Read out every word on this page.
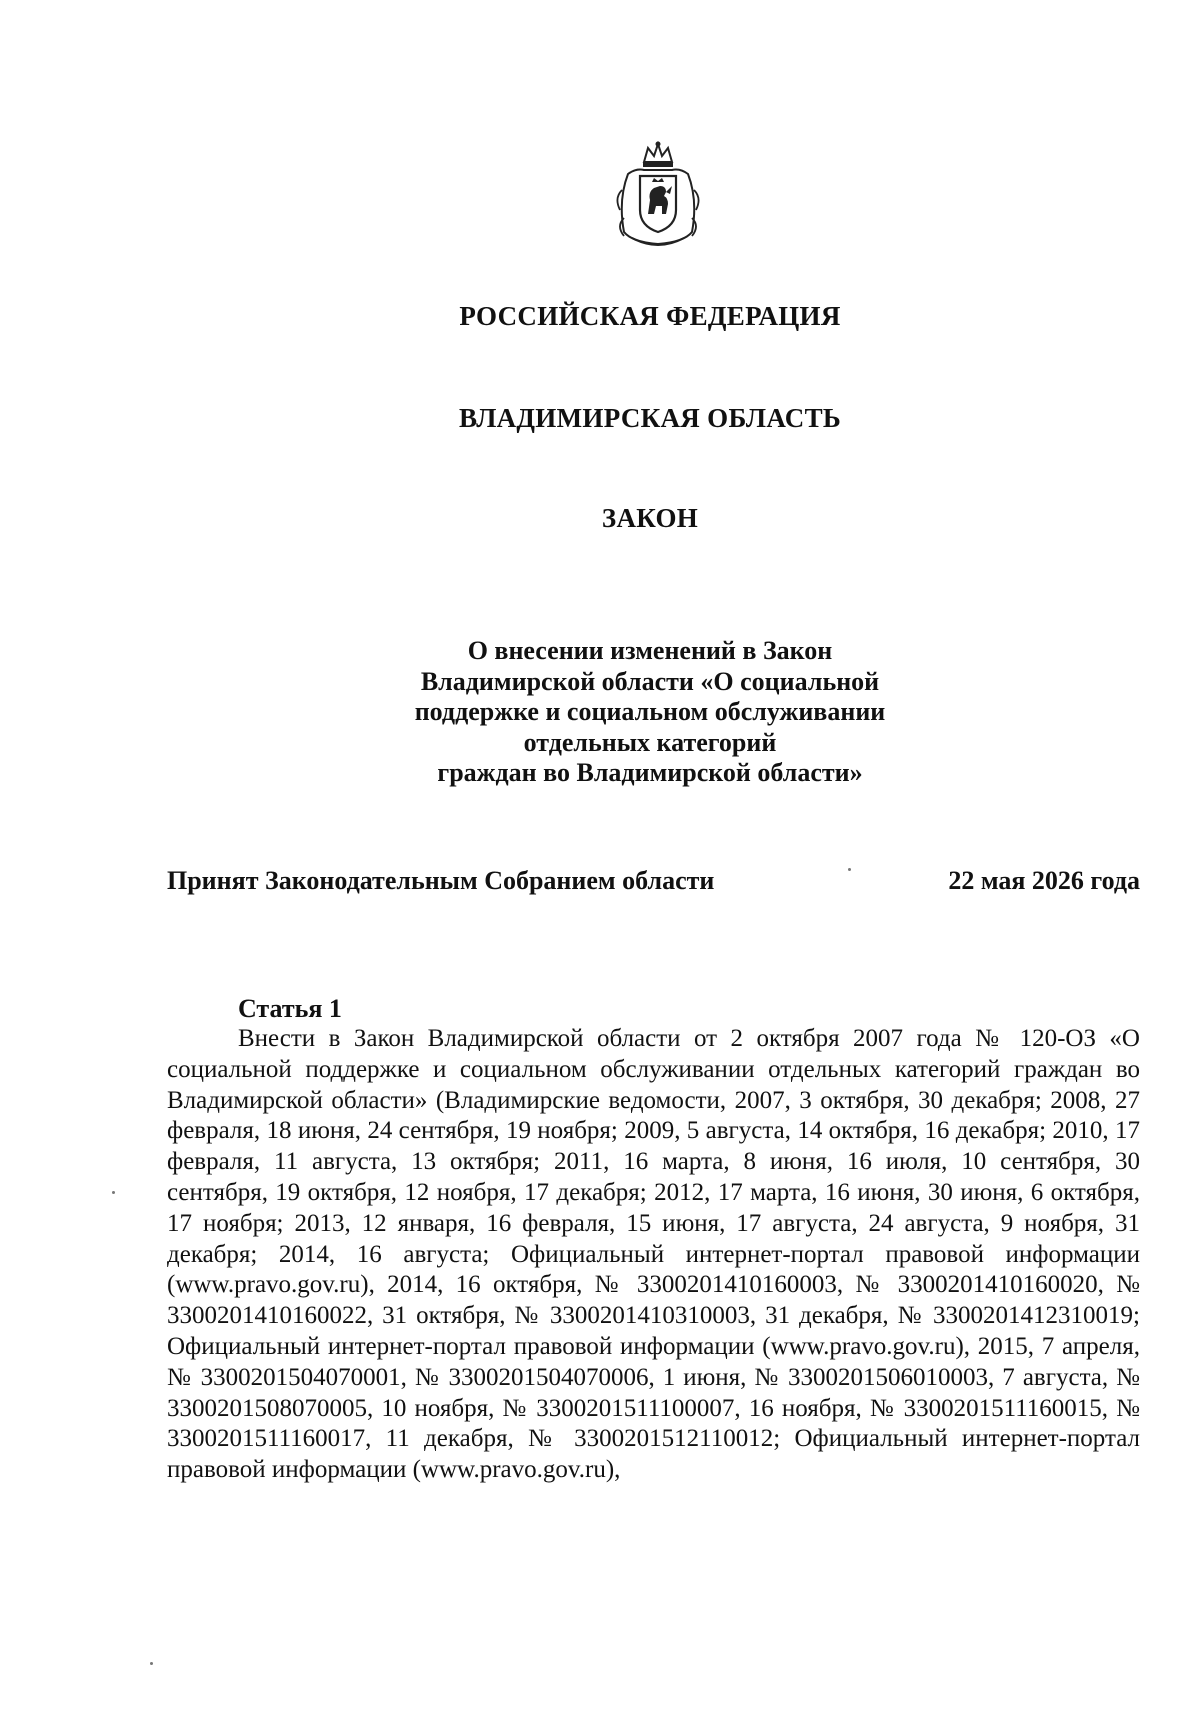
РОССИЙСКАЯ ФЕДЕРАЦИЯ
ВЛАДИМИРСКАЯ ОБЛАСТЬ
ЗАКОН
О внесении изменений в Закон
Владимирской области «О социальной
поддержке и социальном обслуживании
отдельных категорий
граждан во Владимирской области»
Принят Законодательным Собранием области	22 мая 2026 года
Статья 1

Внести в Закон Владимирской области от 2 октября 2007 года № 120-ОЗ «О социальной поддержке и социальном обслуживании отдельных категорий граждан во Владимирской области» (Владимирские ведомости, 2007, 3 октября, 30 декабря; 2008, 27 февраля, 18 июня, 24 сентября, 19 ноября; 2009, 5 августа, 14 октября, 16 декабря; 2010, 17 февраля, 11 августа, 13 октября; 2011, 16 марта, 8 июня, 16 июля, 10 сентября, 30 сентября, 19 октября, 12 ноября, 17 декабря; 2012, 17 марта, 16 июня, 30 июня, 6 октября, 17 ноября; 2013, 12 января, 16 февраля, 15 июня, 17 августа, 24 августа, 9 ноября, 31 декабря; 2014, 16 августа; Официальный интернет-портал правовой информации (www.pravo.gov.ru), 2014, 16 октября, № 3300201410160003, № 3300201410160020, № 3300201410160022, 31 октября, № 3300201410310003, 31 декабря, № 3300201412310019; Официальный интернет-портал правовой информации (www.pravo.gov.ru), 2015, 7 апреля, № 3300201504070001, № 3300201504070006, 1 июня, № 3300201506010003, 7 августа, № 3300201508070005, 10 ноября, № 3300201511100007, 16 ноября, № 3300201511160015, № 3300201511160017, 11 декабря, № 3300201512110012; Официальный интернет-портал правовой информации (www.pravo.gov.ru),
